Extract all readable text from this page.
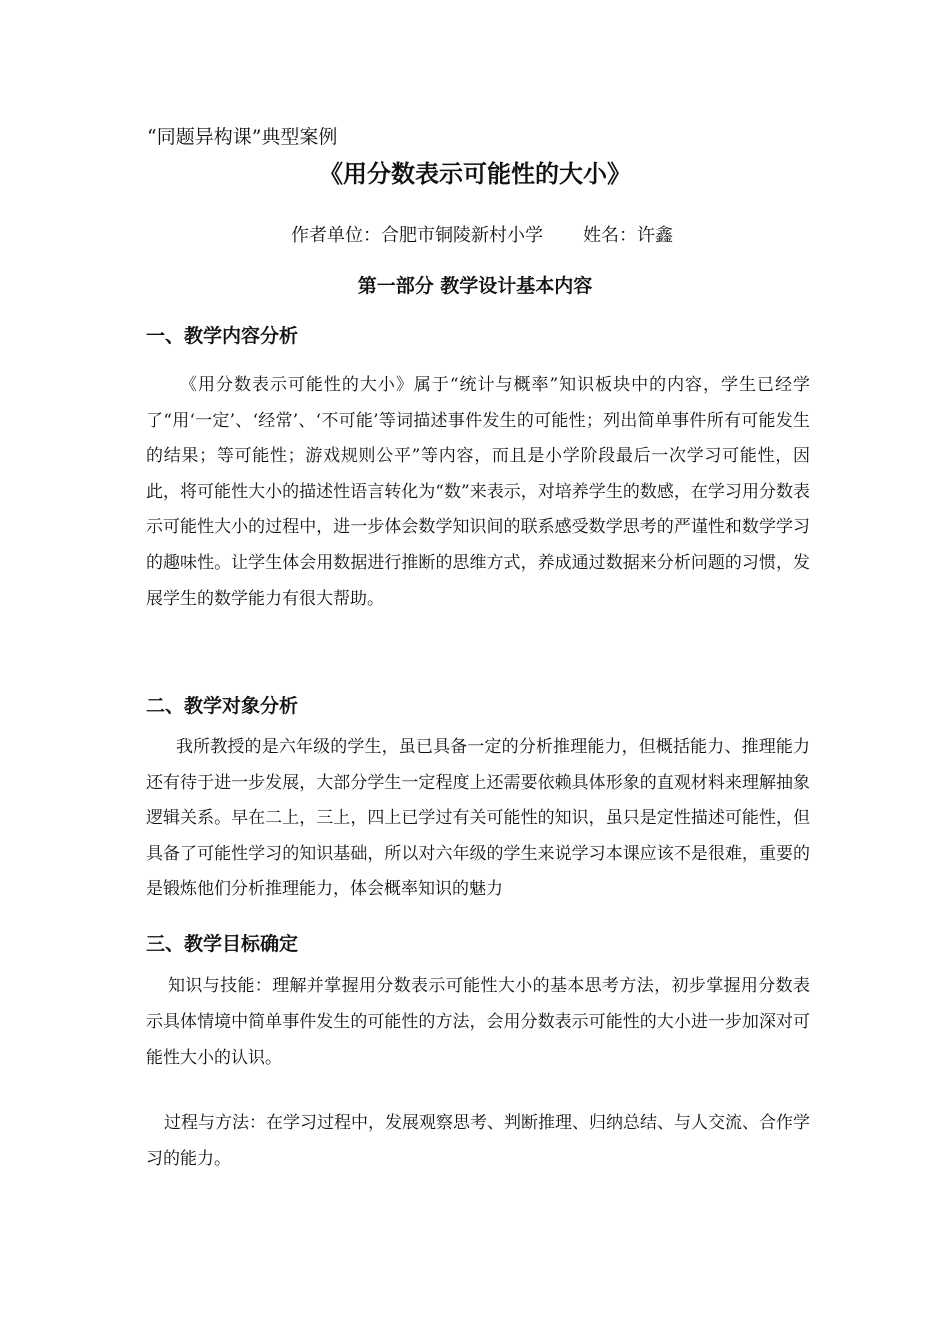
“同题异构课”典型案例
《用分数表示可能性的大小》
作者单位：合肥市铜陵新村小学 姓名：许鑫
第一部分 教学设计基本内容
一、教学内容分析

《用分数表示可能性的大小》属于“统计与概率”知识板块中的内容，学生已经学了“用‘一定’、‘经常’、‘不可能’等词描述事件发生的可能性；列出简单事件所有可能发生的结果；等可能性；游戏规则公平”等内容，而且是小学阶段最后一次学习可能性，因此，将可能性大小的描述性语言转化为“数”来表示，对培养学生的数感，在学习用分数表示可能性大小的过程中，进一步体会数学知识间的联系感受数学思考的严谨性和数学学习的趣味性。让学生体会用数据进行推断的思维方式，养成通过数据来分析问题的习惯，发展学生的数学能力有很大帮助。

二、教学对象分析

我所教授的是六年级的学生，虽已具备一定的分析推理能力，但概括能力、推理能力还有待于进一步发展，大部分学生一定程度上还需要依赖具体形象的直观材料来理解抽象逻辑关系。早在二上，三上，四上已学过有关可能性的知识，虽只是定性描述可能性，但具备了可能性学习的知识基础，所以对六年级的学生来说学习本课应该不是很难，重要的是锻炼他们分析推理能力，体会概率知识的魅力

三、教学目标确定

知识与技能：理解并掌握用分数表示可能性大小的基本思考方法，初步掌握用分数表示具体情境中简单事件发生的可能性的方法，会用分数表示可能性的大小进一步加深对可能性大小的认识。

过程与方法：在学习过程中，发展观察思考、判断推理、归纳总结、与人交流、合作学习的能力。
